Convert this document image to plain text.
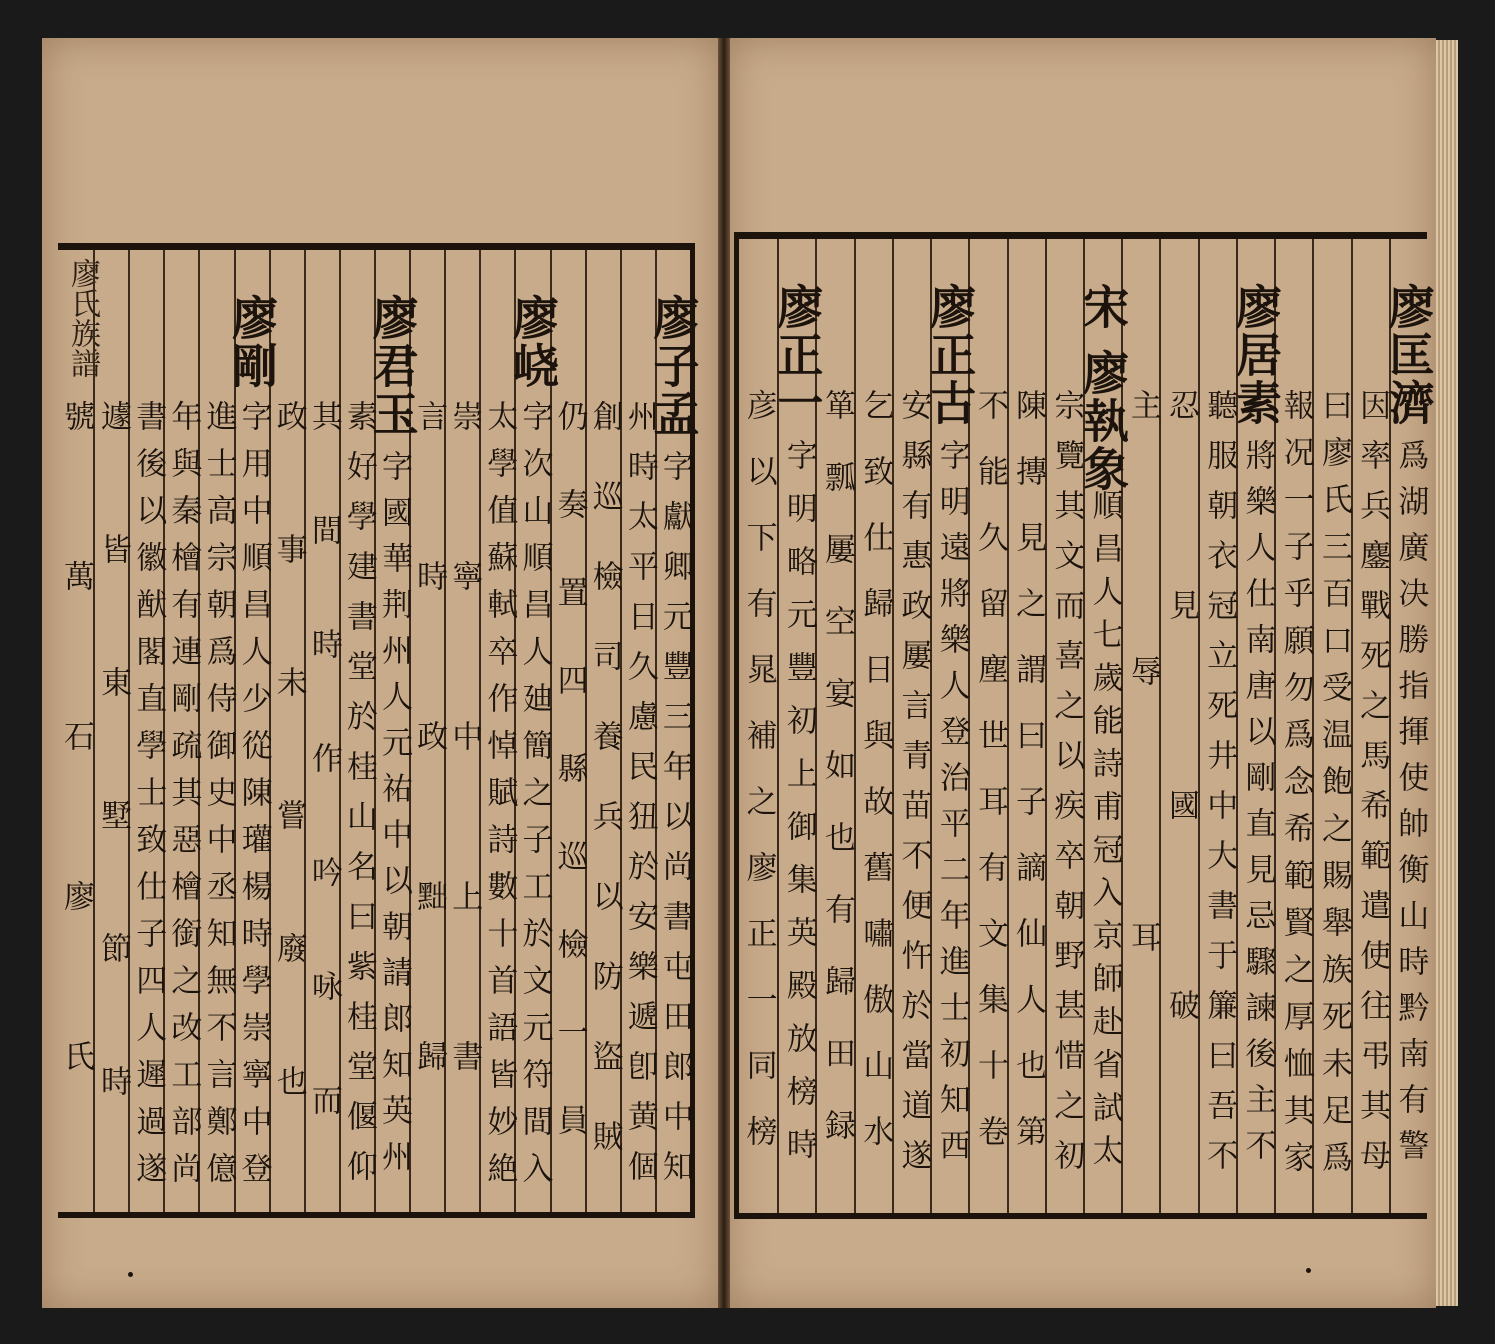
廖氏族譜	廖子孟
字獻卿元豐三年以尚書屯田郎中知
州時太平日久慮民狃於安樂遞卽黄個
創巡檢司養兵以防盜賊
仍奏置四縣巡檢一員
廖峣
字次山順昌人廸簡之子工於文元符間入
太學值蘇軾卒作悼賦詩數十首語皆妙絶
崇寧中上書
言時政黜歸
廖君玉
字國華荆州人元祐中以朝請郎知英州
素好學建書堂於桂山名曰紫桂堂偃仰
其間時作吟咏而
政事未嘗廢也
廖剛
字用中順昌人少從陳瓘楊時學崇寧中登
進士高宗朝爲侍御史中丞知無不言鄭億
年與秦檜有連剛疏其惡檜銜之改工部尚
書後以徽猷閣直學士致仕子四人遲過遂
遽皆東墅節時
號萬石廖氏
廖匡濟
爲湖廣决勝指揮使帥衡山時黔南有警
因率兵鏖戰死之馬希範遣使往弔其母
曰廖氏三百口受温飽之賜舉族死未足爲
報况一子乎願勿爲念希範賢之厚恤其家
廖居素
將樂人仕南唐以剛直見忌驟諫後主不
聽服朝衣冠立死井中大書于簾曰吾不
忍見國破
主辱耳
宋 廖執象
順昌人七歲能詩甫冠入京師赴省試太
宗覽其文而喜之以疾卒朝野甚惜之初
陳摶見之謂曰子謫仙人也第
不能久留塵世耳有文集十卷
廖正古
字明遠將樂人登治平二年進士初知西
安縣有惠政屢言青苗不便忤於當道遂
乞致仕歸日與故舊嘯傲山水
箪瓢屢空宴如也有歸田録
廖正一
字明略元豐初上御集英殿放榜時
彦以下有晁補之廖正一同榜
